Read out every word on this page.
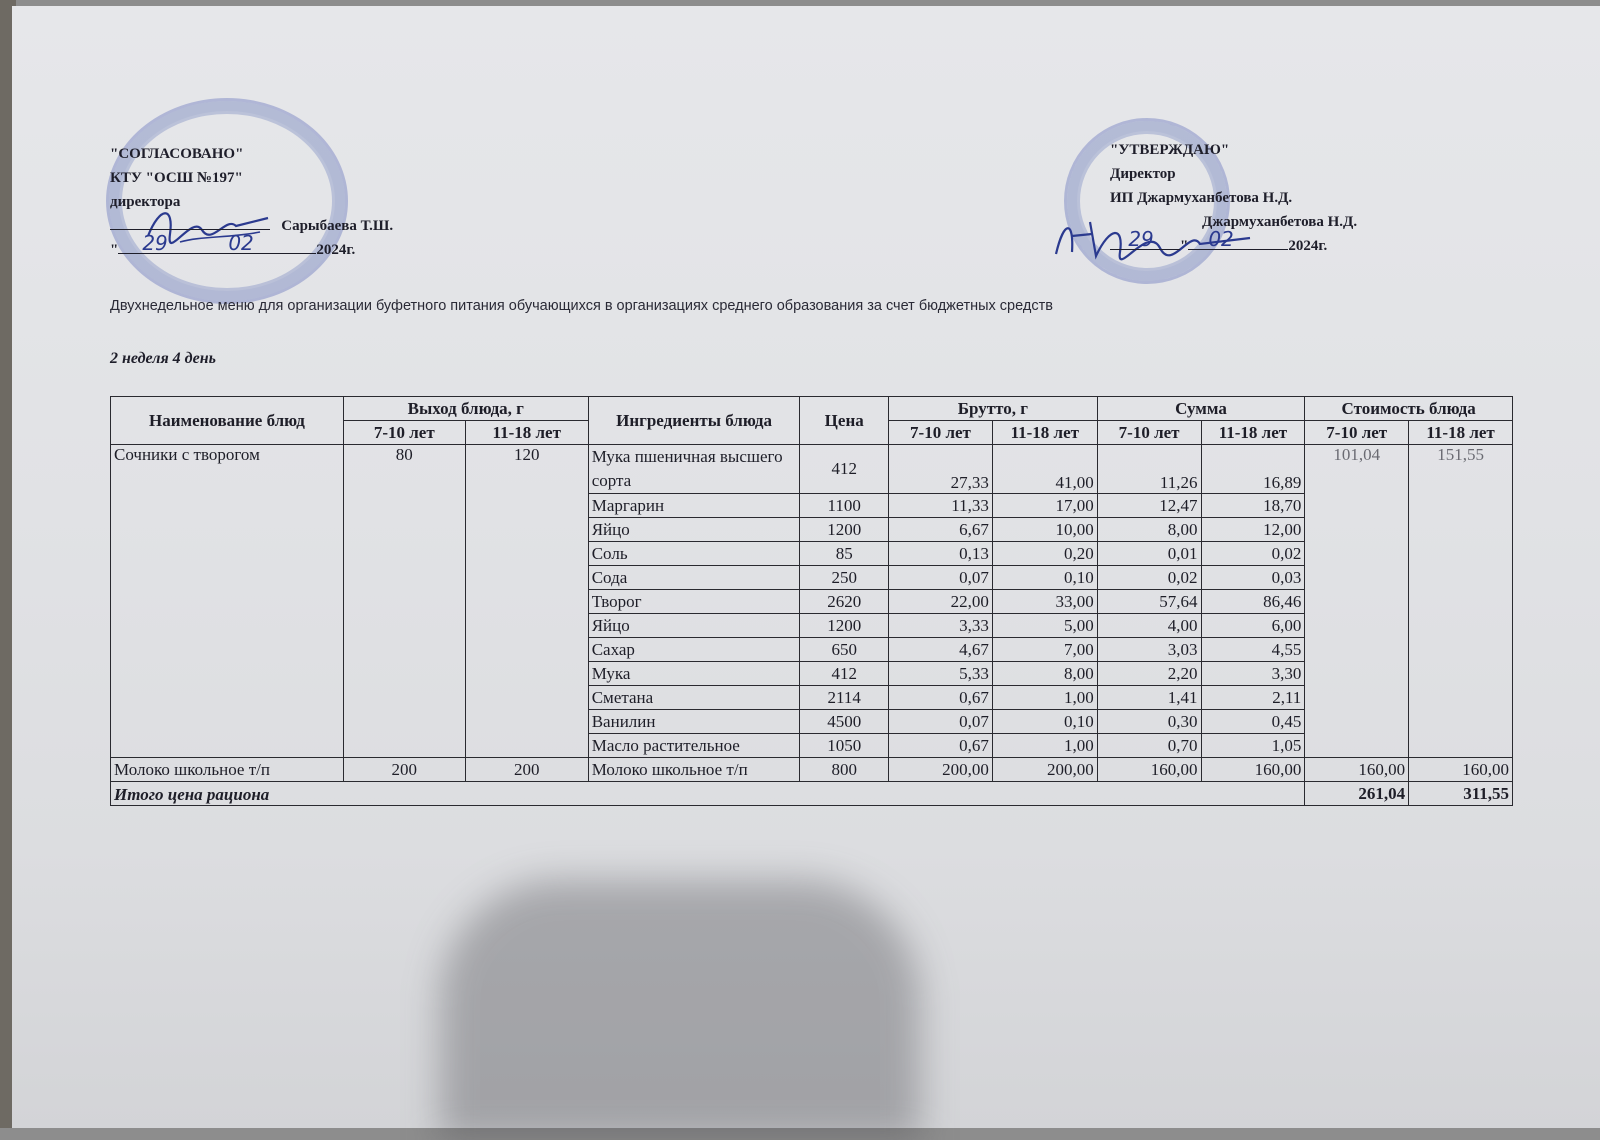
"СОГЛАСОВАНО"
КТУ "ОСШ №197"
директора
Сарыбаева Т.Ш.
" 29	02	2024г.
"УТВЕРЖДАЮ"
Директор
ИП Джармуханбетова Н.Д.
Джармуханбетова Н.Д.
"
29	02	2024г.
Двухнедельное меню для организации буфетного питания обучающихся в организациях среднего образования за счет бюджетных средств
2 неделя 4 день
Наименование блюд	Выход блюда, г		Ингредиенты блюда	Цена	Брутто, г		Сумма		Стоимость блюда	
	7-10 лет	11-18 лет			7-10 лет	11-18 лет	7-10 лет	11-18 лет	7-10 лет	11-18 лет
Сочники с творогом	80	120	Мука пшеничная высшего сорта	412	27,33	41,00	11,26	16,89	101,04	151,55
			Маргарин	1100	11,33	17,00	12,47	18,70		
			Яйцо	1200	6,67	10,00	8,00	12,00		
			Соль	85	0,13	0,20	0,01	0,02		
			Сода	250	0,07	0,10	0,02	0,03		
			Творог	2620	22,00	33,00	57,64	86,46		
			Яйцо	1200	3,33	5,00	4,00	6,00		
			Сахар	650	4,67	7,00	3,03	4,55		
			Мука	412	5,33	8,00	2,20	3,30		
			Сметана	2114	0,67	1,00	1,41	2,11		
			Ванилин	4500	0,07	0,10	0,30	0,45		
			Масло растительное	1050	0,67	1,00	0,70	1,05		
Молоко школьное т/п	200	200	Молоко школьное т/п	800	200,00	200,00	160,00	160,00	160,00	160,00
Итого цена рациона									261,04	311,55
